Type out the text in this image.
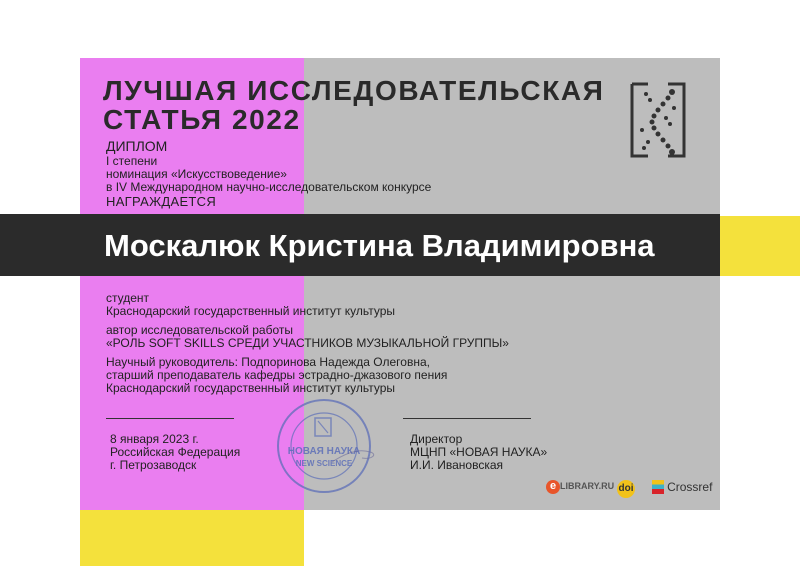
ЛУЧШАЯ ИССЛЕДОВАТЕЛЬСКАЯ
СТАТЬЯ 2022
ДИПЛОМ
I степени
номинация «Искусствоведение»
в IV Международном научно-исследовательском конкурсе
НАГРАЖДАЕТСЯ
Москалюк Кристина Владимировна
студент
Краснодарский государственный институт культуры
автор исследовательской работы
«РОЛЬ SOFT SKILLS СРЕДИ УЧАСТНИКОВ МУЗЫКАЛЬНОЙ ГРУППЫ»
Научный руководитель: Подпоринова Надежда Олеговна,
старший преподаватель кафедры эстрадно-джазового пения
Краснодарский государственный институт культуры
8 января 2023 г.
Российская Федерация
г. Петрозаводск
Директор
МЦНП «НОВАЯ НАУКА»
И.И. Ивановская
НОВАЯ НАУКА
NEW SCIENCE
e LIBRARY.RU doi	Crossref
